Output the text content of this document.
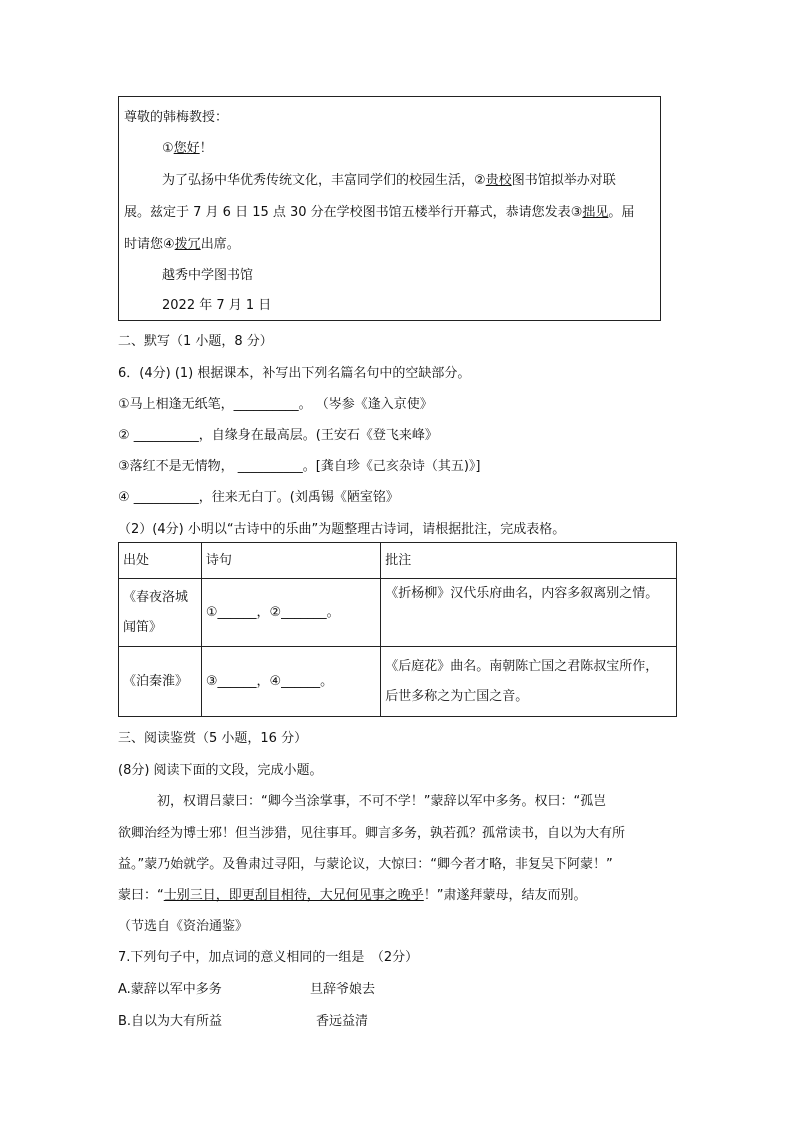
尊敬的韩梅教授：
①您好！
为了弘扬中华优秀传统文化，丰富同学们的校园生活，②贵校图书馆拟举办对联
展。兹定于 7 月 6 日 15 点 30 分在学校图书馆五楼举行开幕式，恭请您发表③拙见。届
时请您④拨冗出席。
越秀中学图书馆
2022 年 7 月 1 日
二、默写（1 小题，8 分）
6．(4分) (1) 根据课本，补写出下列名篇名句中的空缺部分。
①马上相逢无纸笔，__________。 （岑参《逢入京使》
② __________，自缘身在最高层。(王安石《登飞来峰》
③落红不是无情物， __________。[龚自珍《己亥杂诗（其五)》]
④ __________，往来无白丁。(刘禹锡《陋室铭》
（2）(4分) 小明以“古诗中的乐曲”为题整理古诗词，请根据批注，完成表格。
出处	诗句	批注

《春夜洛城
闻笛》	①______，②_______。	《折杨柳》汉代乐府曲名，内容多叙离别之情。
《泊秦淮》	③______，④______。	《后庭花》曲名。南朝陈亡国之君陈叔宝所作，
后世多称之为亡国之音。
三、阅读鉴赏（5 小题，16 分）
(8分) 阅读下面的文段，完成小题。
初，权谓吕蒙曰：“卿今当涂掌事，不可不学！”蒙辞以军中多务。权曰：“孤岂
欲卿治经为博士邪！但当涉猎，见往事耳。卿言多务，孰若孤？孤常读书，自以为大有所
益。”蒙乃始就学。及鲁肃过寻阳，与蒙论议，大惊曰：“卿今者才略，非复吴下阿蒙！”
蒙曰：“士别三日，即更刮目相待，大兄何见事之晚乎！”肃遂拜蒙母，结友而别。
（节选自《资治通鉴》
7.下列句子中，加点词的意义相同的一组是　（2分）
A.蒙辞以军中多务	旦辞爷娘去
B.自以为大有所益	香远益清
